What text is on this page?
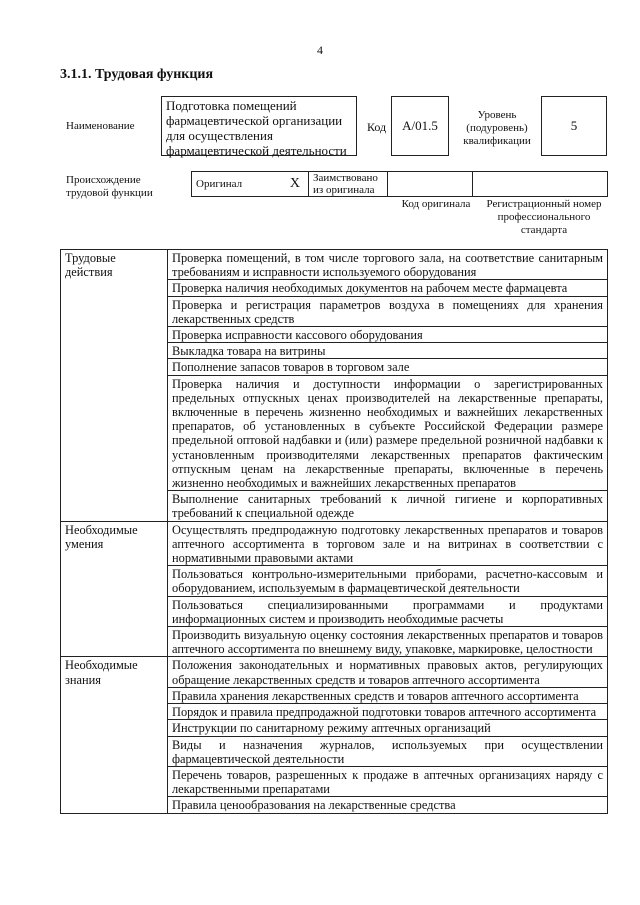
4
3.1.1. Трудовая функция
Наименование
Подготовка помещений
фармацевтической организации
для осуществления
фармацевтической деятельности
Код A/01.5
Уровень
(подуровень)
квалификации
5
Происхождение
трудовой функции
Оригинал	X	Заимствовано
из оригинала

Код оригинала	Регистрационный номер
профессионального
стандарта
Трудовые
действия	Проверка помещений, в том числе торгового зала, на соответствие санитарным требованиям и исправности используемого оборудования
	Проверка наличия необходимых документов на рабочем месте фармацевта
	Проверка и регистрация параметров воздуха в помещениях для хранения лекарственных средств
	Проверка исправности кассового оборудования
	Выкладка товара на витрины
	Пополнение запасов товаров в торговом зале
	Проверка наличия и доступности информации о зарегистрированных предельных отпускных ценах производителей на лекарственные препараты, включенные в перечень жизненно необходимых и важнейших лекарственных препаратов, об установленных в субъекте Российской Федерации размере предельной оптовой надбавки и (или) размере предельной розничной надбавки к установленным производителями лекарственных препаратов фактическим отпускным ценам на лекарственные препараты, включенные в перечень жизненно необходимых и важнейших лекарственных препаратов
	Выполнение санитарных требований к личной гигиене и корпоративных требований к специальной одежде

Необходимые
умения	Осуществлять предпродажную подготовку лекарственных препаратов и товаров аптечного ассортимента в торговом зале и на витринах в соответствии с нормативными правовыми актами
	Пользоваться контрольно-измерительными приборами, расчетно-кассовым и оборудованием, используемым в фармацевтической деятельности
	Пользоваться специализированными программами и продуктами информационных систем и производить необходимые расчеты
	Производить визуальную оценку состояния лекарственных препаратов и товаров аптечного ассортимента по внешнему виду, упаковке, маркировке, целостности

Необходимые
знания	Положения законодательных и нормативных правовых актов, регулирующих обращение лекарственных средств и товаров аптечного ассортимента
	Правила хранения лекарственных средств и товаров аптечного ассортимента
	Порядок и правила предпродажной подготовки товаров аптечного ассортимента
	Инструкции по санитарному режиму аптечных организаций
	Виды и назначения журналов, используемых при осуществлении фармацевтической деятельности
	Перечень товаров, разрешенных к продаже в аптечных организациях наряду с лекарственными препаратами
	Правила ценообразования на лекарственные средства
